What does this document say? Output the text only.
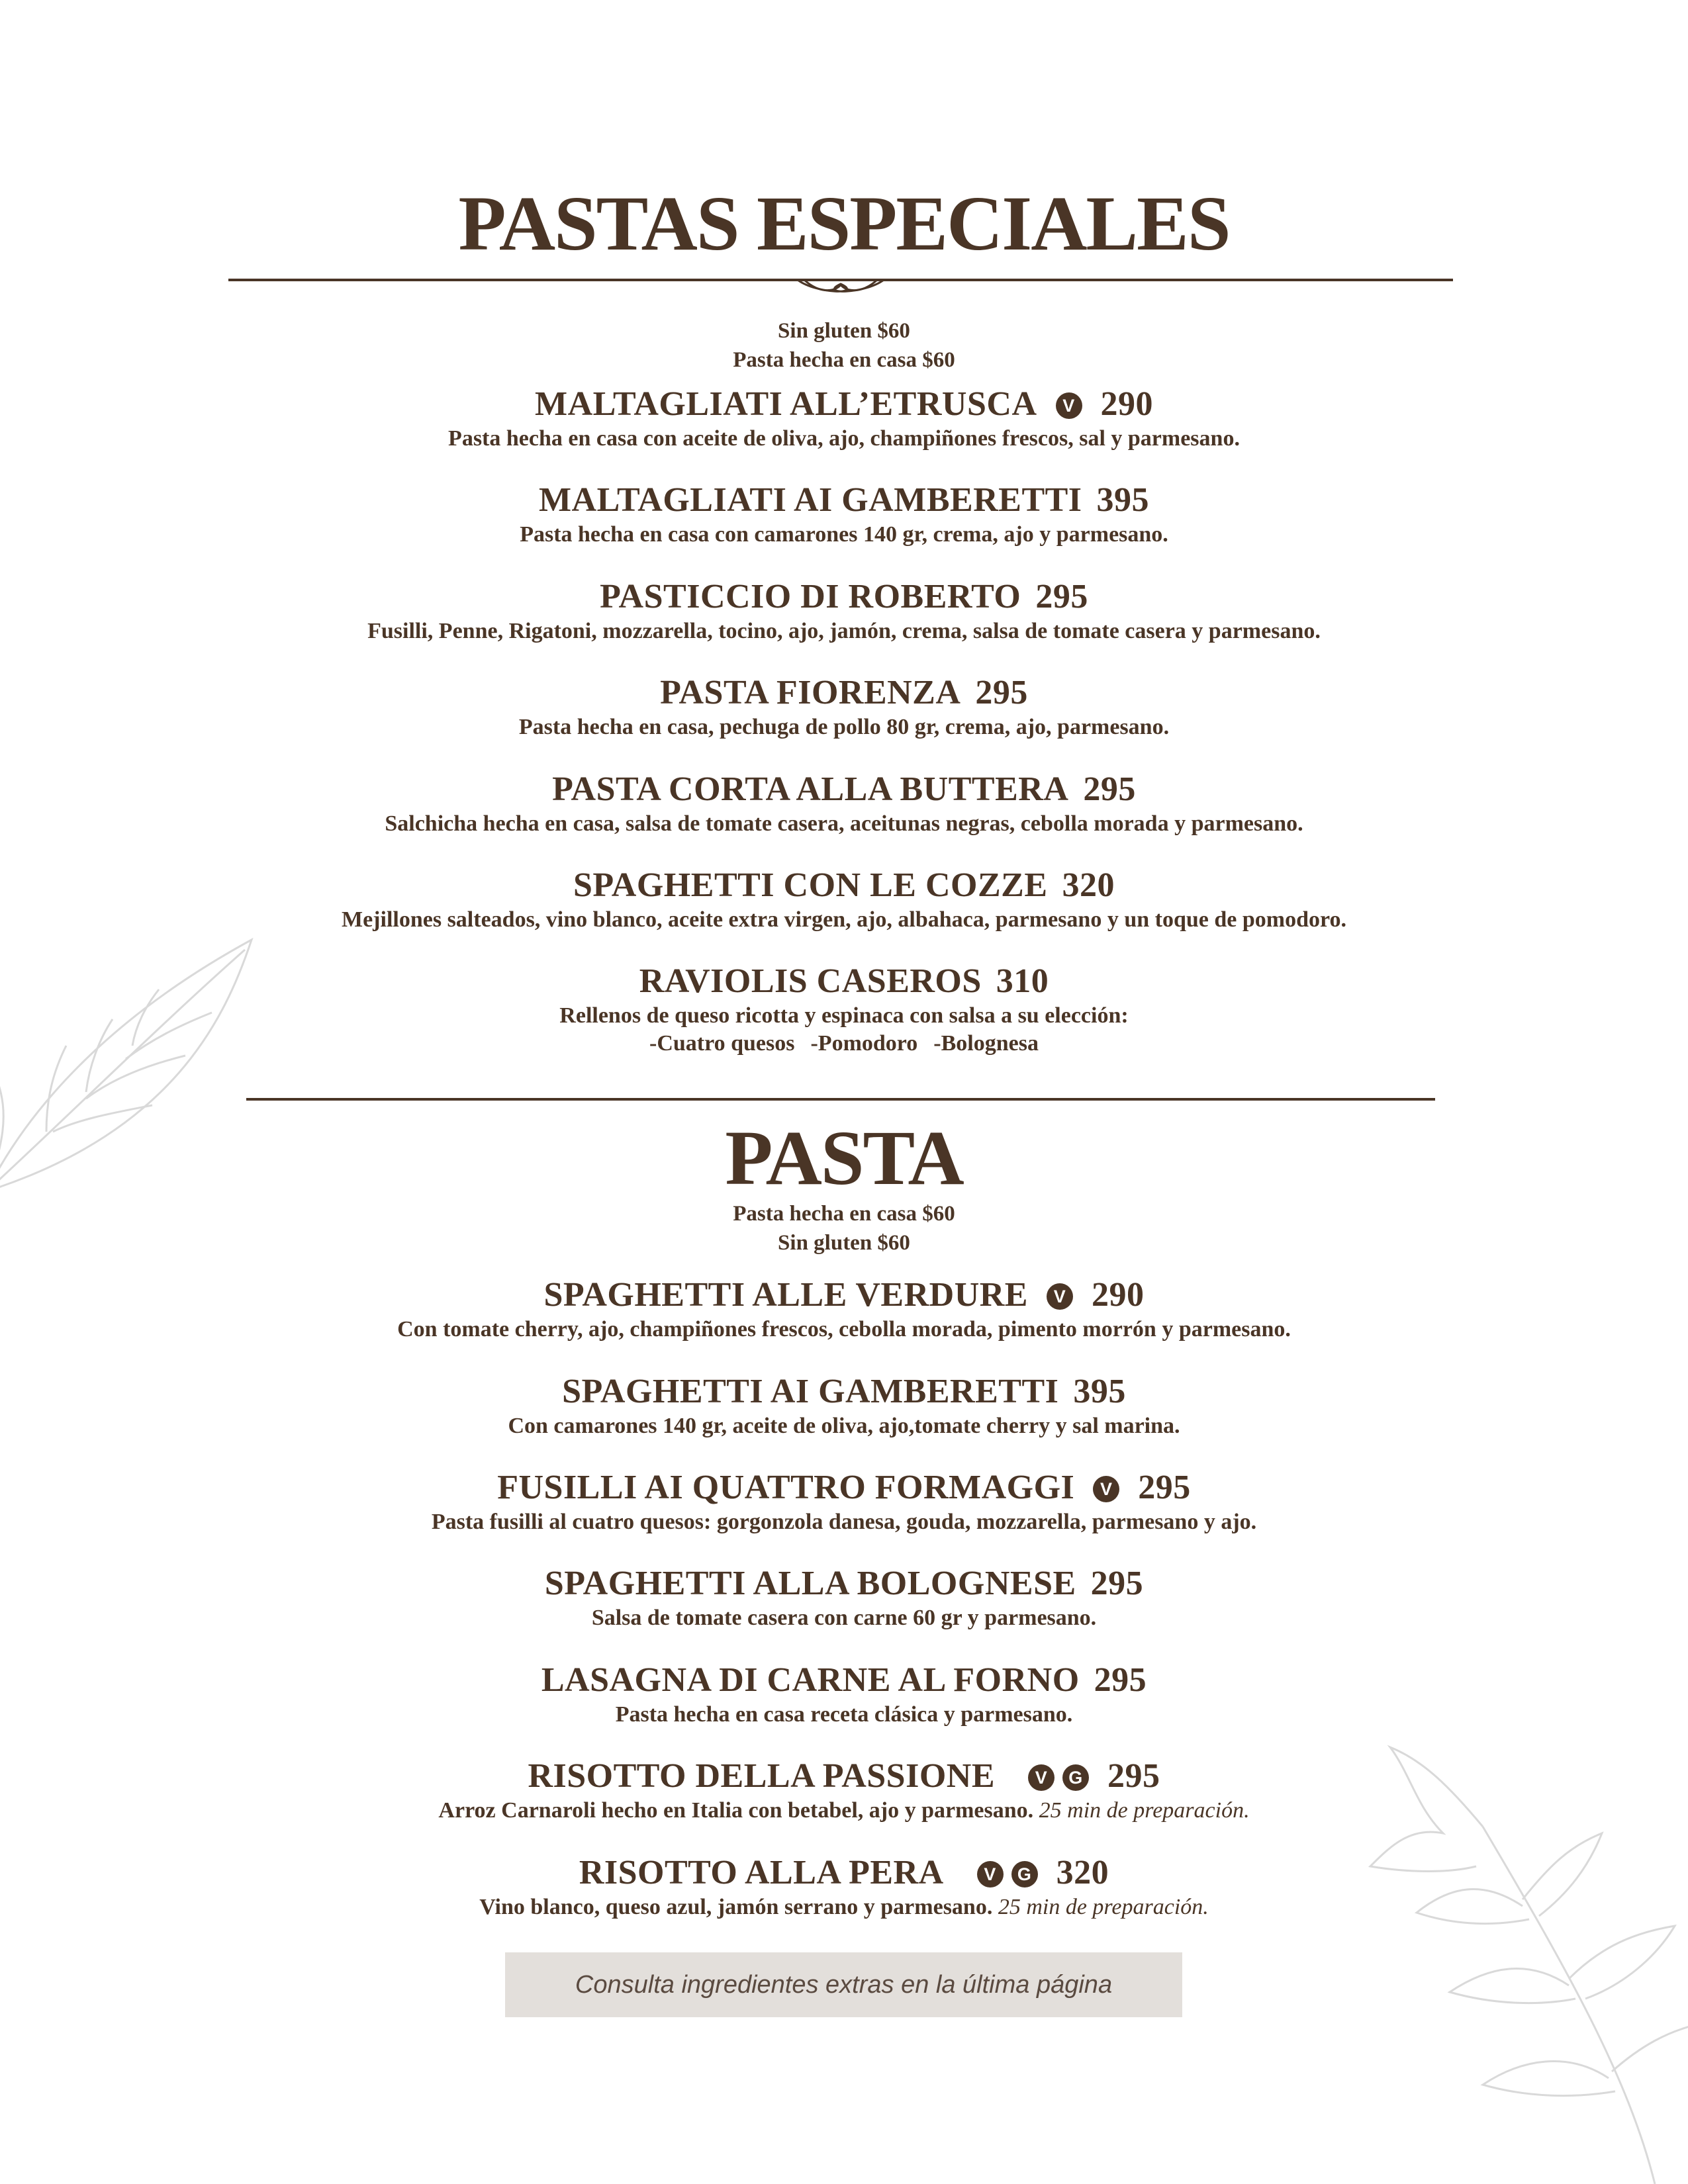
PASTAS ESPECIALES
Sin gluten $60
Pasta hecha en casa $60
MALTAGLIATI ALL’ETRUSCA V 290
Pasta hecha en casa con aceite de oliva, ajo, champiñones frescos, sal y parmesano.
MALTAGLIATI AI GAMBERETTI 395
Pasta hecha en casa con camarones 140 gr, crema, ajo y parmesano.
PASTICCIO DI ROBERTO 295
Fusilli, Penne, Rigatoni, mozzarella, tocino, ajo, jamón, crema, salsa de tomate casera y parmesano.
PASTA FIORENZA 295
Pasta hecha en casa, pechuga de pollo 80 gr, crema, ajo, parmesano.
PASTA CORTA ALLA BUTTERA 295
Salchicha hecha en casa, salsa de tomate casera, aceitunas negras, cebolla morada y parmesano.
SPAGHETTI CON LE COZZE 320
Mejillones salteados, vino blanco, aceite extra virgen, ajo, albahaca, parmesano y un toque de pomodoro.
RAVIOLIS CASEROS 310
Rellenos de queso ricotta y espinaca con salsa a su elección:
-Cuatro quesos -Pomodoro -Bolognesa
PASTA
Pasta hecha en casa $60
Sin gluten $60
SPAGHETTI ALLE VERDURE V 290
Con tomate cherry, ajo, champiñones frescos, cebolla morada, pimento morrón y parmesano.
SPAGHETTI AI GAMBERETTI 395
Con camarones 140 gr, aceite de oliva, ajo,tomate cherry y sal marina.
FUSILLI AI QUATTRO FORMAGGI V 295
Pasta fusilli al cuatro quesos: gorgonzola danesa, gouda, mozzarella, parmesano y ajo.
SPAGHETTI ALLA BOLOGNESE 295
Salsa de tomate casera con carne 60 gr y parmesano.
LASAGNA DI CARNE AL FORNO 295
Pasta hecha en casa receta clásica y parmesano.
RISOTTO DELLA PASSIONE V G 295
Arroz Carnaroli hecho en Italia con betabel, ajo y parmesano. 25 min de preparación.
RISOTTO ALLA PERA V G 320
Vino blanco, queso azul, jamón serrano y parmesano. 25 min de preparación.
Consulta ingredientes extras en la última página
